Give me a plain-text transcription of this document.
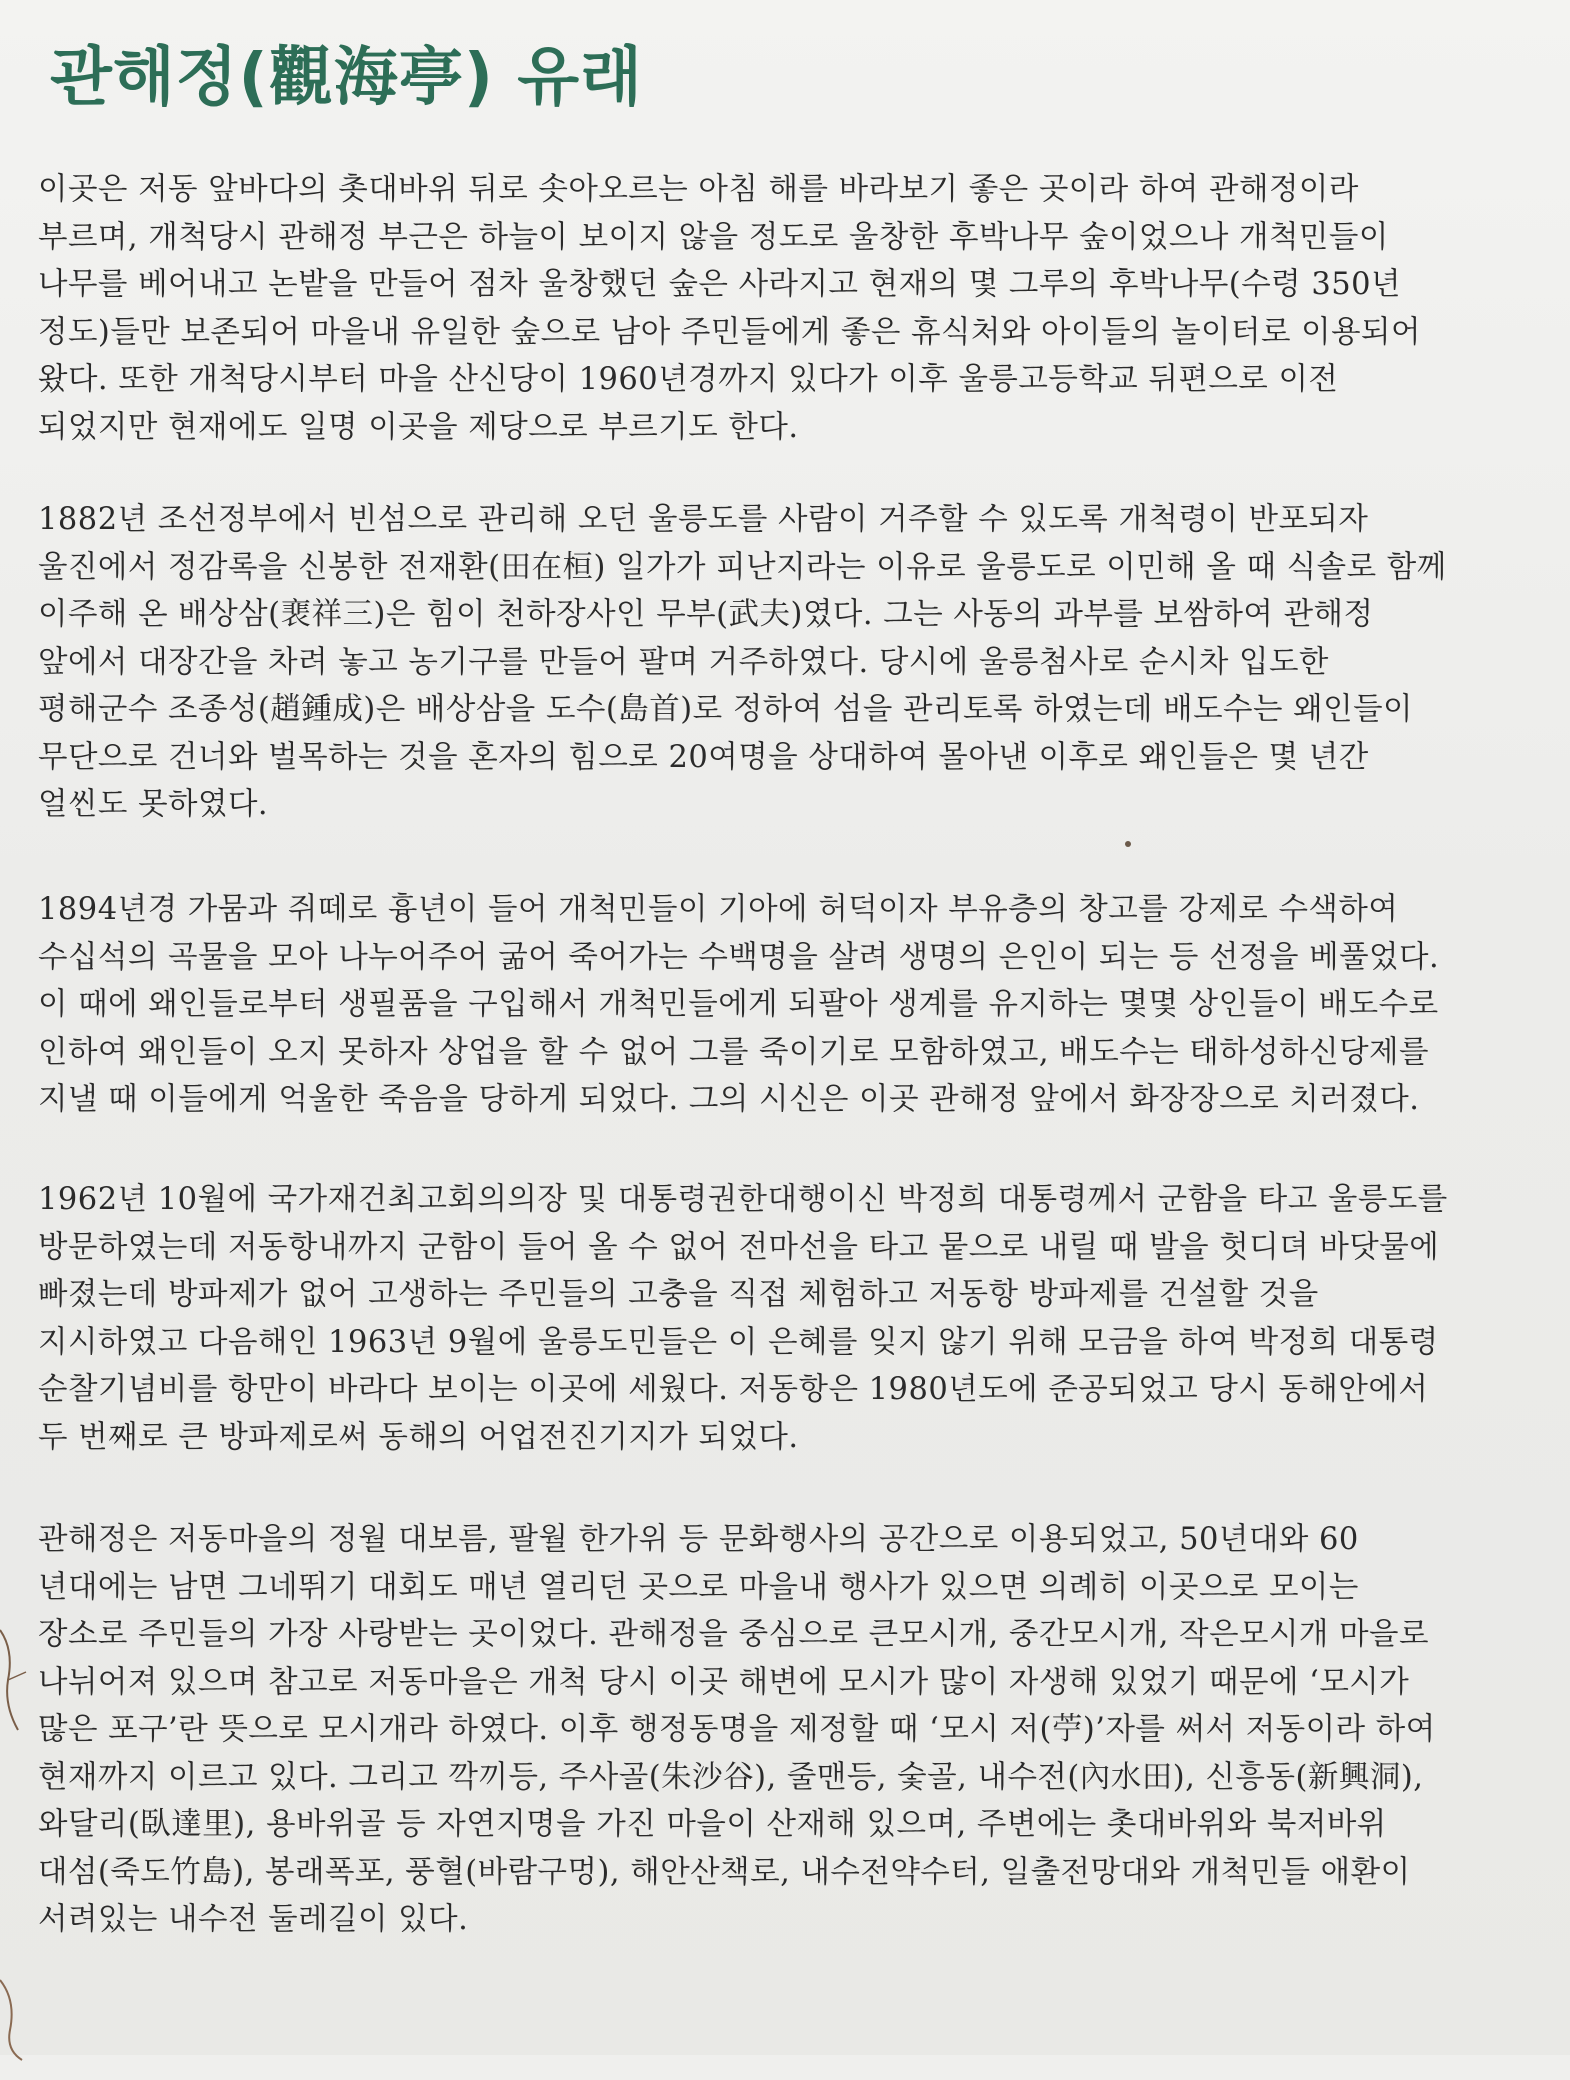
관해정(觀海亭) 유래
이곳은 저동 앞바다의 촛대바위 뒤로 솟아오르는 아침 해를 바라보기 좋은 곳이라 하여 관해정이라
부르며, 개척당시 관해정 부근은 하늘이 보이지 않을 정도로 울창한 후박나무 숲이었으나 개척민들이
나무를 베어내고 논밭을 만들어 점차 울창했던 숲은 사라지고 현재의 몇 그루의 후박나무(수령 350년
정도)들만 보존되어 마을내 유일한 숲으로 남아 주민들에게 좋은 휴식처와 아이들의 놀이터로 이용되어
왔다. 또한 개척당시부터 마을 산신당이 1960년경까지 있다가 이후 울릉고등학교 뒤편으로 이전
되었지만 현재에도 일명 이곳을 제당으로 부르기도 한다.
1882년 조선정부에서 빈섬으로 관리해 오던 울릉도를 사람이 거주할 수 있도록 개척령이 반포되자
울진에서 정감록을 신봉한 전재환(田在桓) 일가가 피난지라는 이유로 울릉도로 이민해 올 때 식솔로 함께
이주해 온 배상삼(裵祥三)은 힘이 천하장사인 무부(武夫)였다. 그는 사동의 과부를 보쌈하여 관해정
앞에서 대장간을 차려 놓고 농기구를 만들어 팔며 거주하였다. 당시에 울릉첨사로 순시차 입도한
평해군수 조종성(趙鍾成)은 배상삼을 도수(島首)로 정하여 섬을 관리토록 하였는데 배도수는 왜인들이
무단으로 건너와 벌목하는 것을 혼자의 힘으로 20여명을 상대하여 몰아낸 이후로 왜인들은 몇 년간
얼씬도 못하였다.
1894년경 가뭄과 쥐떼로 흉년이 들어 개척민들이 기아에 허덕이자 부유층의 창고를 강제로 수색하여
수십석의 곡물을 모아 나누어주어 굶어 죽어가는 수백명을 살려 생명의 은인이 되는 등 선정을 베풀었다.
이 때에 왜인들로부터 생필품을 구입해서 개척민들에게 되팔아 생계를 유지하는 몇몇 상인들이 배도수로
인하여 왜인들이 오지 못하자 상업을 할 수 없어 그를 죽이기로 모함하였고, 배도수는 태하성하신당제를
지낼 때 이들에게 억울한 죽음을 당하게 되었다. 그의 시신은 이곳 관해정 앞에서 화장장으로 치러졌다.
1962년 10월에 국가재건최고회의의장 및 대통령권한대행이신 박정희 대통령께서 군함을 타고 울릉도를
방문하였는데 저동항내까지 군함이 들어 올 수 없어 전마선을 타고 뭍으로 내릴 때 발을 헛디뎌 바닷물에
빠졌는데 방파제가 없어 고생하는 주민들의 고충을 직접 체험하고 저동항 방파제를 건설할 것을
지시하였고 다음해인 1963년 9월에 울릉도민들은 이 은혜를 잊지 않기 위해 모금을 하여 박정희 대통령
순찰기념비를 항만이 바라다 보이는 이곳에 세웠다. 저동항은 1980년도에 준공되었고 당시 동해안에서
두 번째로 큰 방파제로써 동해의 어업전진기지가 되었다.
관해정은 저동마을의 정월 대보름, 팔월 한가위 등 문화행사의 공간으로 이용되었고, 50년대와 60
년대에는 남면 그네뛰기 대회도 매년 열리던 곳으로 마을내 행사가 있으면 의례히 이곳으로 모이는
장소로 주민들의 가장 사랑받는 곳이었다. 관해정을 중심으로 큰모시개, 중간모시개, 작은모시개 마을로
나뉘어져 있으며 참고로 저동마을은 개척 당시 이곳 해변에 모시가 많이 자생해 있었기 때문에 ‘모시가
많은 포구’란 뜻으로 모시개라 하였다. 이후 행정동명을 제정할 때 ‘모시 저(苧)’자를 써서 저동이라 하여
현재까지 이르고 있다. 그리고 깍끼등, 주사골(朱沙谷), 줄맨등, 숯골, 내수전(內水田), 신흥동(新興洞),
와달리(臥達里), 용바위골 등 자연지명을 가진 마을이 산재해 있으며, 주변에는 촛대바위와 북저바위
대섬(죽도竹島), 봉래폭포, 풍혈(바람구멍), 해안산책로, 내수전약수터, 일출전망대와 개척민들 애환이
서려있는 내수전 둘레길이 있다.
